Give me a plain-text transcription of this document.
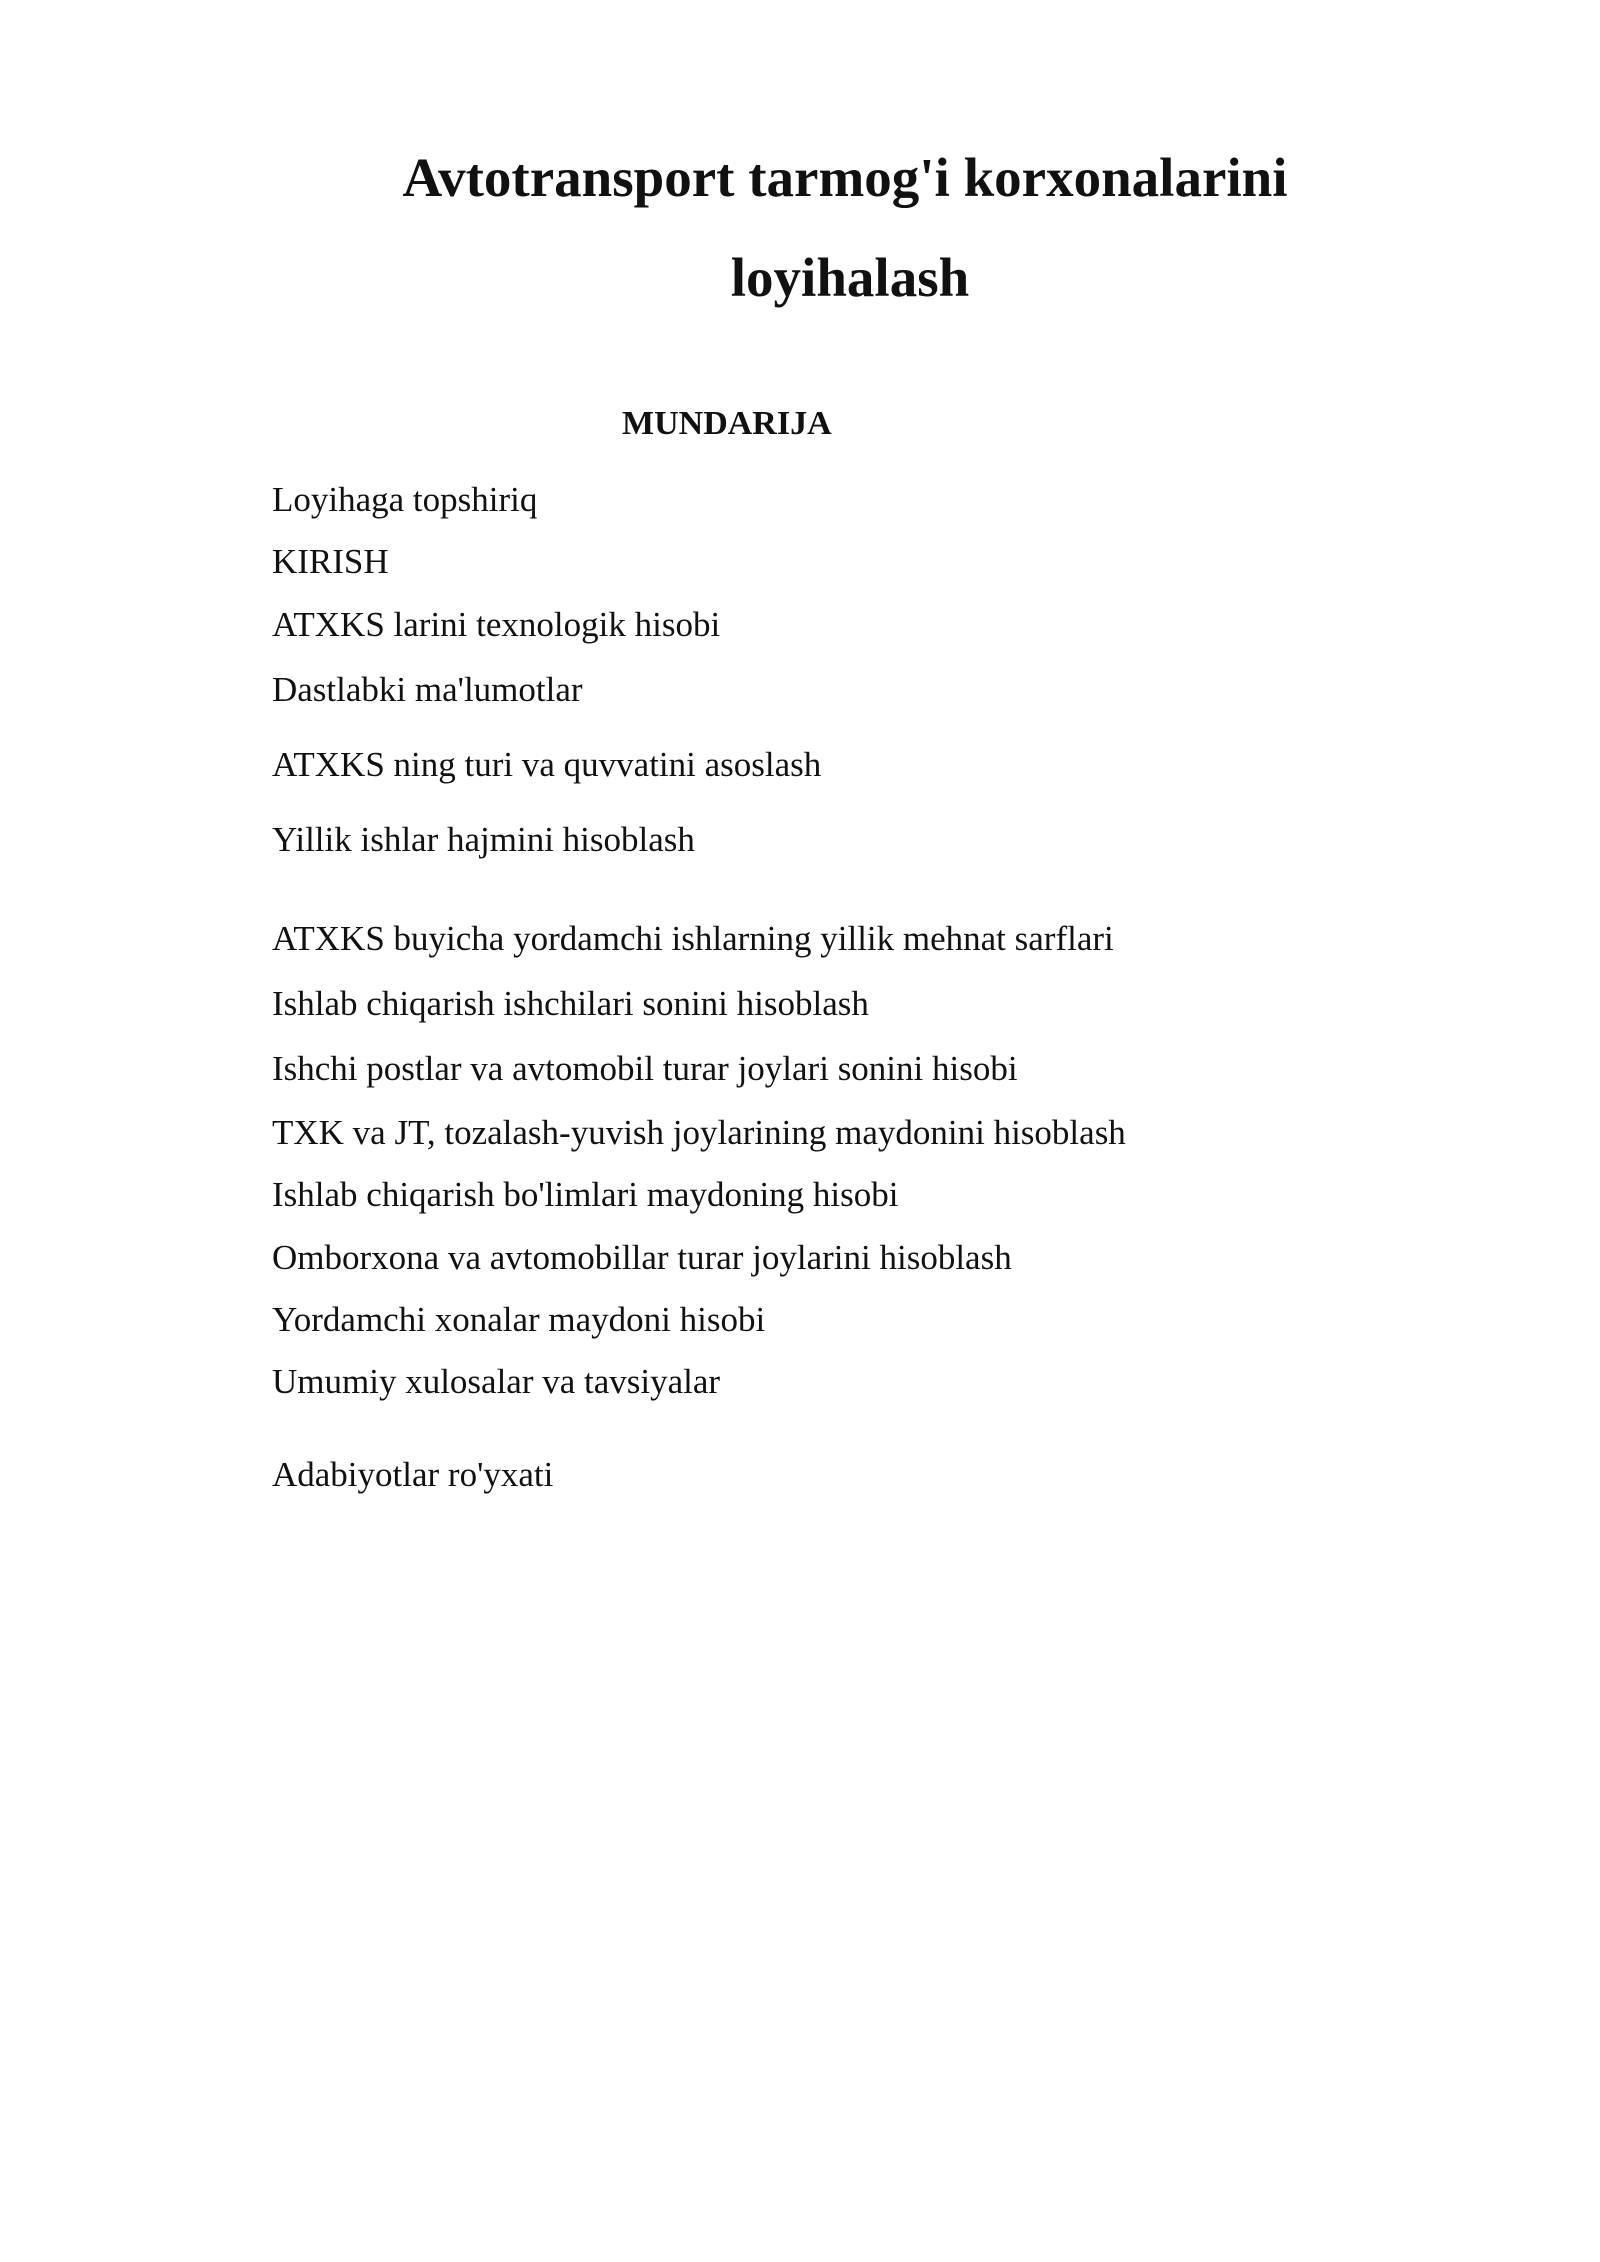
Avtotransport tarmog'i korxonalarini
loyihalash
MUNDARIJA
Loyihaga topshiriq
KIRISH
ATXKS larini texnologik hisobi
Dastlabki ma'lumotlar
ATXKS ning turi va quvvatini asoslash
Yillik ishlar hajmini hisoblash
ATXKS buyicha yordamchi ishlarning yillik mehnat sarflari
Ishlab chiqarish ishchilari sonini hisoblash
Ishchi postlar va avtomobil turar joylari sonini hisobi
TXK va JT, tozalash-yuvish joylarining maydonini hisoblash
Ishlab chiqarish bo'limlari maydoning hisobi
Omborxona va avtomobillar turar joylarini hisoblash
Yordamchi xonalar maydoni hisobi
Umumiy xulosalar va tavsiyalar
Adabiyotlar ro'yxati
